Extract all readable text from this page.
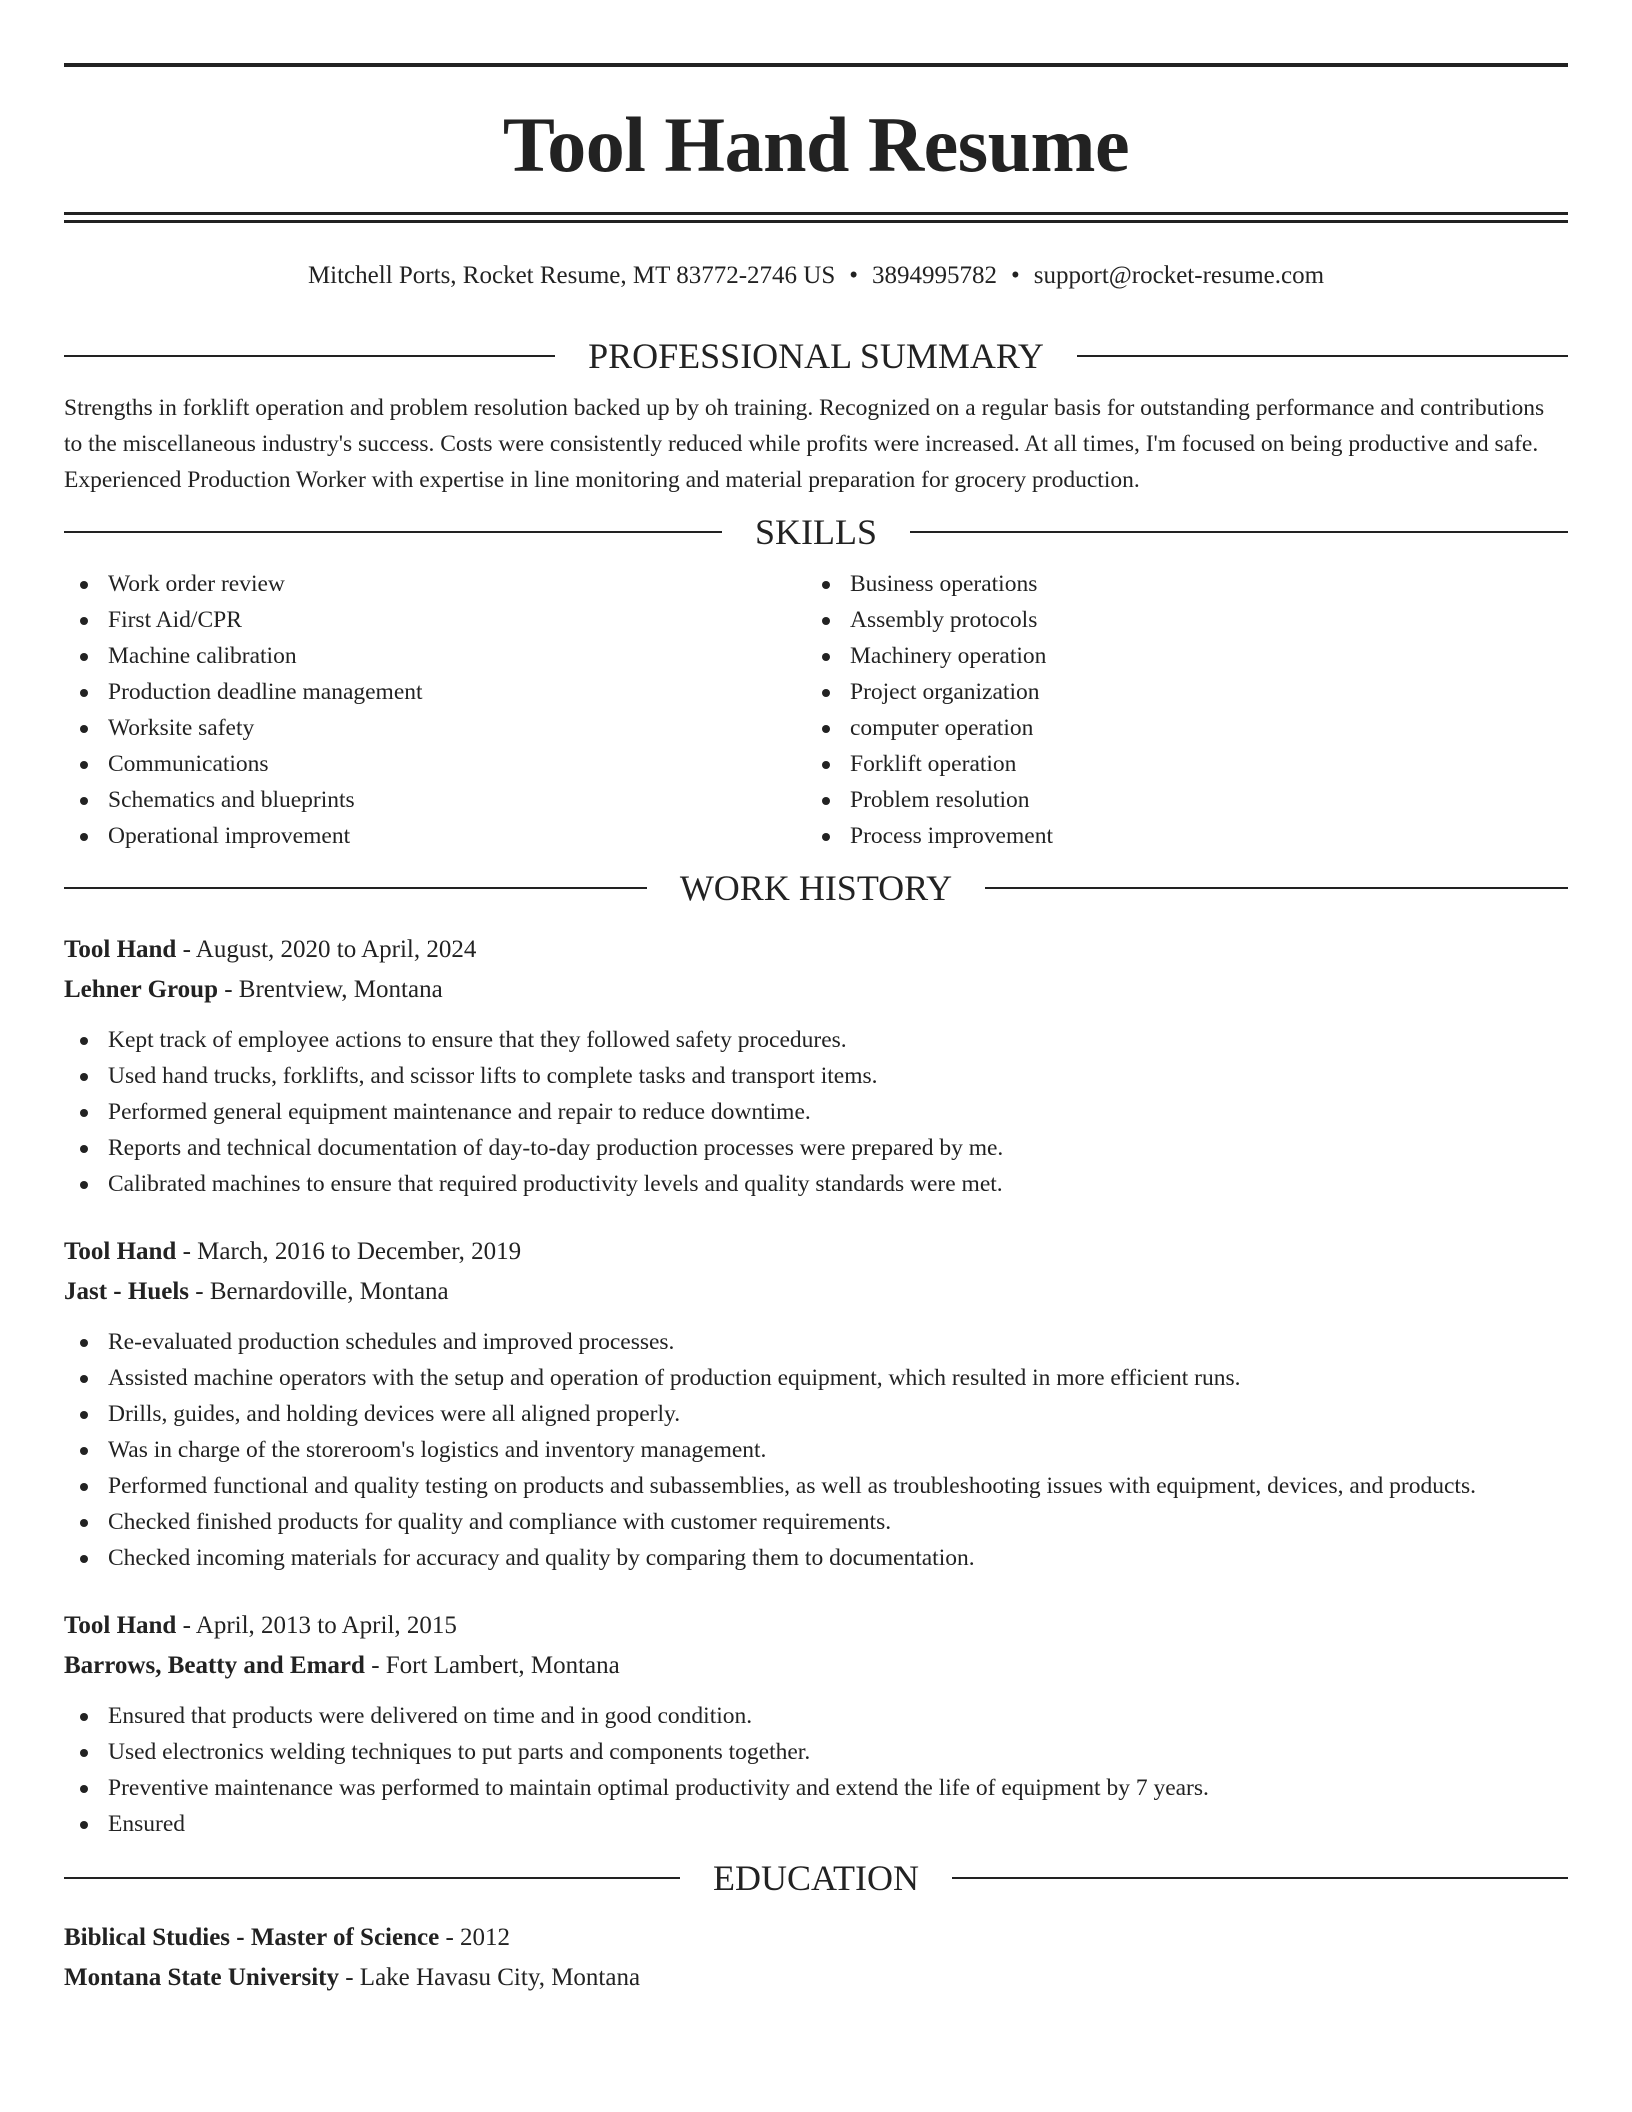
Tool Hand Resume
Mitchell Ports, Rocket Resume, MT 83772-2746 US • 3894995782 • support@rocket-resume.com
PROFESSIONAL SUMMARY

Strengths in forklift operation and problem resolution backed up by oh training. Recognized on a regular basis for outstanding performance and contributions to the miscellaneous industry's success. Costs were consistently reduced while profits were increased. At all times, I'm focused on being productive and safe. Experienced Production Worker with expertise in line monitoring and material preparation for grocery production.

SKILLS
Work order review
First Aid/CPR
Machine calibration
Production deadline management
Worksite safety
Communications
Schematics and blueprints
Operational improvement
Business operations
Assembly protocols
Machinery operation
Project organization
computer operation
Forklift operation
Problem resolution
Process improvement
WORK HISTORY
Tool Hand - August, 2020 to April, 2024
Lehner Group - Brentview, Montana
Kept track of employee actions to ensure that they followed safety procedures.
Used hand trucks, forklifts, and scissor lifts to complete tasks and transport items.
Performed general equipment maintenance and repair to reduce downtime.
Reports and technical documentation of day-to-day production processes were prepared by me.
Calibrated machines to ensure that required productivity levels and quality standards were met.
Tool Hand - March, 2016 to December, 2019
Jast - Huels - Bernardoville, Montana
Re-evaluated production schedules and improved processes.
Assisted machine operators with the setup and operation of production equipment, which resulted in more efficient runs.
Drills, guides, and holding devices were all aligned properly.
Was in charge of the storeroom's logistics and inventory management.
Performed functional and quality testing on products and subassemblies, as well as troubleshooting issues with equipment, devices, and products.
Checked finished products for quality and compliance with customer requirements.
Checked incoming materials for accuracy and quality by comparing them to documentation.
Tool Hand - April, 2013 to April, 2015
Barrows, Beatty and Emard - Fort Lambert, Montana
Ensured that products were delivered on time and in good condition.
Used electronics welding techniques to put parts and components together.
Preventive maintenance was performed to maintain optimal productivity and extend the life of equipment by 7 years.
Ensured
EDUCATION
Biblical Studies - Master of Science - 2012
Montana State University - Lake Havasu City, Montana
